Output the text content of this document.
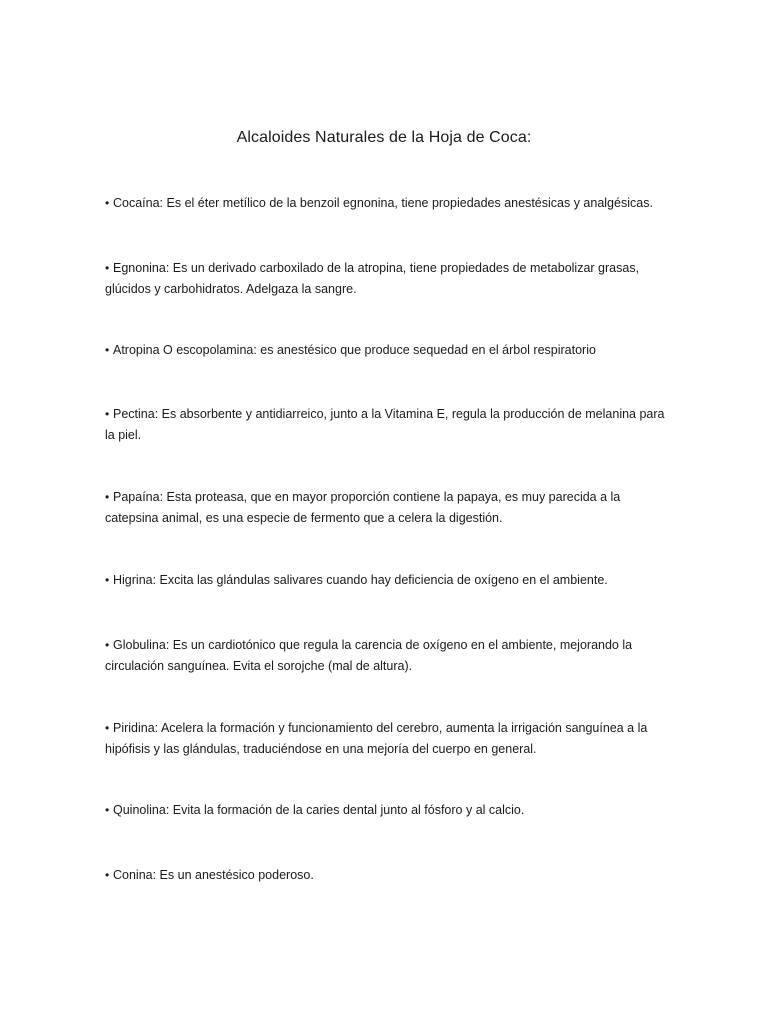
Alcaloides Naturales de la Hoja de Coca:
• Cocaína: Es el éter metílico de la benzoil egnonina, tiene propiedades anestésicas y analgésicas.
• Egnonina: Es un derivado carboxilado de la atropina, tiene propiedades de metabolizar grasas, glúcidos y carbohidratos. Adelgaza la sangre.
• Atropina O escopolamina: es anestésico que produce sequedad en el árbol respiratorio
• Pectina: Es absorbente y antidiarreico, junto a la Vitamina E, regula la producción de melanina para la piel.
• Papaína: Esta proteasa, que en mayor proporción contiene la papaya, es muy parecida a la catepsina animal, es una especie de fermento que a celera la digestión.
• Higrina: Excita las glándulas salivares cuando hay deficiencia de oxígeno en el ambiente.
• Globulina: Es un cardiotónico que regula la carencia de oxígeno en el ambiente, mejorando la circulación sanguínea. Evita el sorojche (mal de altura).
• Piridina: Acelera la formación y funcionamiento del cerebro, aumenta la irrigación sanguínea a la hipófisis y las glándulas, traduciéndose en una mejoría del cuerpo en general.
• Quinolina: Evita la formación de la caries dental junto al fósforo y al calcio.
• Conina: Es un anestésico poderoso.
